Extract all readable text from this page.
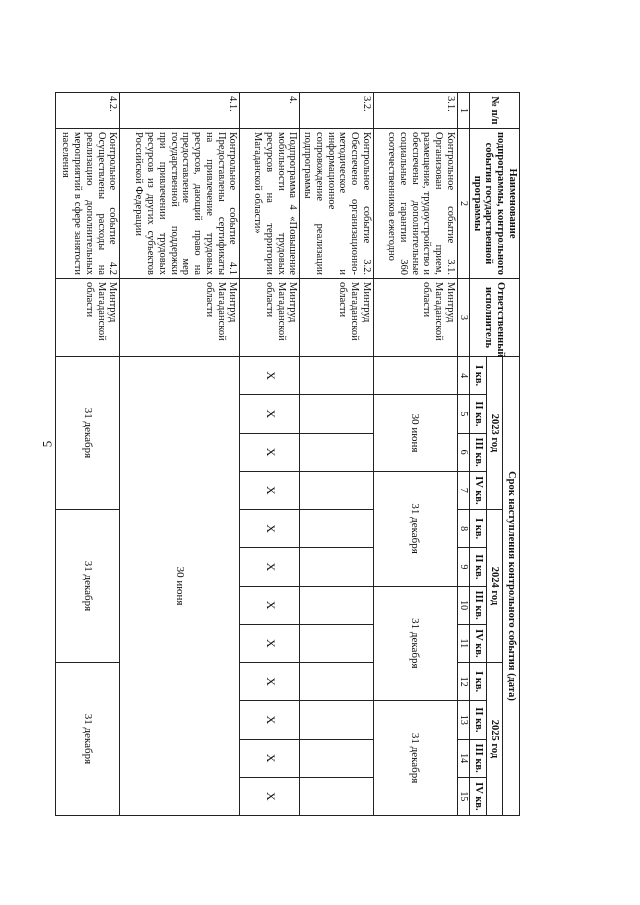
5
№ п/п	Наименование подпрограммы, контрольного события государственной программы	Ответственный исполнитель	Срок наступления контрольного события (дата)											
			2023 год				2024 год				2025 год			
			I кв.	II кв.	III кв.	IV кв.	I кв.	II кв.	III кв.	IV кв.	I кв.	II кв.	III кв.	IV кв.
1	2	3	4	5	6	7	8	9	10	11	12	13	14	15
3.1.	Контрольное событие 3.1. Организован прием, размещение, трудоустройство и обеспечены дополнительные социальные гарантии 360 соотечественников ежегодно	Минтруд Магаданской области		30 июня		31 декабря			31 декабря			31 декабря		
3.2.	Контрольное событие 3.2. Обеспечено организационно-методическое и информационное сопровождение реализации подпрограммы	Минтруд Магаданской области												
4.	Подпрограмма 4 «Повышение мобильности трудовых ресурсов на территории Магаданской области»	Минтруд Магаданской области	X	X	X	X	X	X	X	X	X	X	X	X
4.1.	Контрольное событие 4.1 Предоставлены сертификаты на привлечение трудовых ресурсов, дающий право на предоставление мер государственной поддержки при привлечении трудовых ресурсов из других субъектов Российской Федерации	Минтруд Магаданской области	30 июня											
4.2.	Контрольное событие 4.2 Осуществлены расходы на реализацию дополнительных мероприятий в сфере занятости населения	Минтруд Магаданской области	31 декабря				31 декабря				31 декабря			
